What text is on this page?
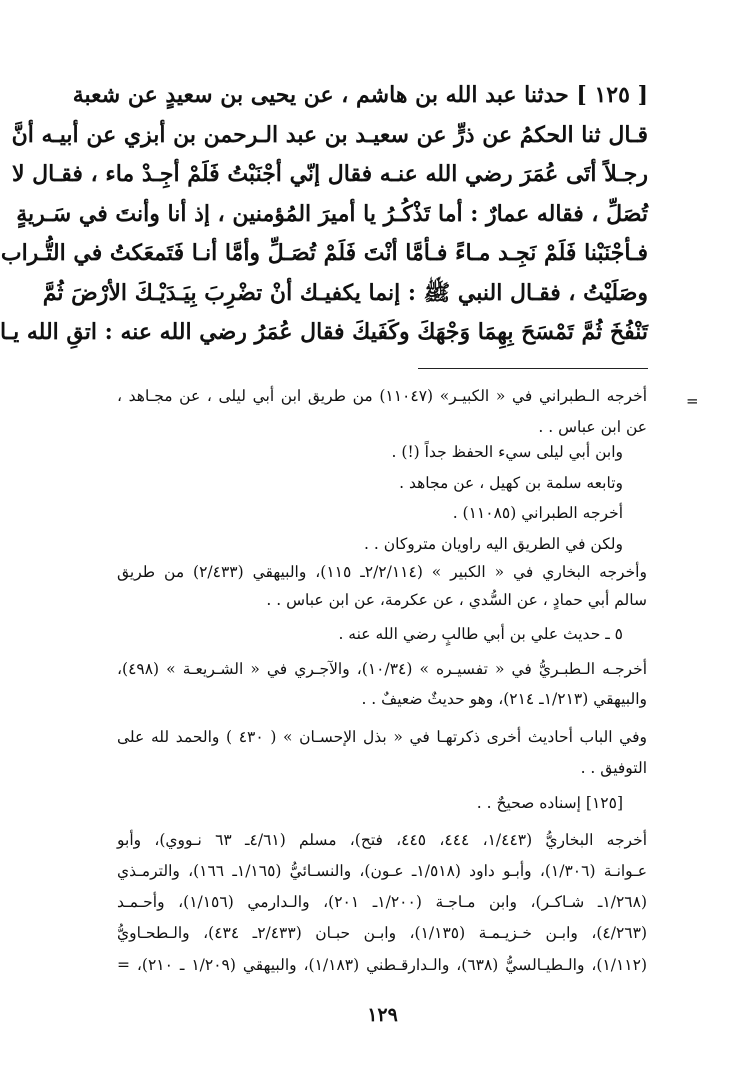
[ ١٢٥ ] حدثنا عبد الله بن هاشم ، عن يحيى بن سعيدٍ عن شعبة
قـال ثنا الحكمُ عن ذرٍّ عن سعيـد بن عبد الـرحمن بن أبزي عن أبيـه أنَّ
رجـلاً أتَى عُمَرَ رضي الله عنـه فقال إنّي أجْنَبْتُ فَلَمْ أجِـدْ ماء ، فقـال لا
تُصَلِّ ، فقاله عمارٌ : أما تَذْكُـرُ يا أميرَ المُؤمنين ، إذ أنا وأنتَ في سَـريةٍ
فـأجْنَبْنا فَلَمْ نَجِـد مـاءً فـأمَّا أنْتَ فَلَمْ تُصَـلِّ وأمَّا أنـا فَتَمعَكتُ في التُّـراب
وصَلَيْتُ ، فقـال النبي ﷺ : إنما يكفيـك أنْ تضْرِبَ بِيَـدَيْـكَ الأرْضَ ثُمَّ
تَنْفُخَ ثُمَّ تَمْسَحَ بِهِمَا وَجْهَكَ وكَفَيكَ فقال عُمَرُ رضي الله عنه : اتقِ الله يـا
=
أخرجه الـطبراني في « الكبيـر» (١١٠٤٧) من طريق ابن أبي ليلى ، عن مجـاهد ،
عن ابن عباس . .
وابن أبي ليلى سيء الحفظ جداً (!) .
وتابعه سلمة بن كهيل ، عن مجاهد .
أخرجه الطبراني (١١٠٨٥) .
ولكن في الطريق اليه راويان متروكان . .
وأخرجه البخاري في « الكبير » (٢/٢/١١٤ـ ١١٥)، والبيهقي (٢/٤٣٣) من طريق
سالم أبي حمادٍ ، عن السُّدي ، عن عكرمة، عن ابن عباس . .
٥ ـ حديث علي بن أبي طالبٍ رضي الله عنه .
أخرجـه الـطبـريُّ في « تفسيـره » (١٠/٣٤)، والآجـري في « الشـريعـة » (٤٩٨)،
والبيهقي (١/٢١٣ـ ٢١٤)، وهو حديثٌ ضعيفٌ . .
وفي الباب أحاديث أخرى ذكرتهـا في « بذل الإحسـان » ( ٤٣٠ ) والحمد لله على
التوفيق . .
[١٢٥] إسناده صحيحٌ . .
أخرجه البخاريُّ (١/٤٤٣، ٤٤٤، ٤٤٥، فتح)، مسلم (٤/٦١ـ ٦٣ نـووي)، وأبو
عـوانـة (١/٣٠٦)، وأبـو داود (١/٥١٨ـ عـون)، والنسـائيُّ (١/١٦٥ـ ١٦٦)، والترمـذي
(١/٢٦٨ـ شـاكـر)، وابن مـاجـة (١/٢٠٠ـ ٢٠١)، والـدارمي (١/١٥٦)، وأحـمـد
(٤/٢٦٣)، وابـن خـزيـمـة (١/١٣٥)، وابـن حبـان (٢/٤٣٣ـ ٤٣٤)، والـطحـاويُّ
(١/١١٢)، والـطيـالسيُّ (٦٣٨)، والـدارقـطني (١/١٨٣)، والبيهقي (١/٢٠٩ ـ ٢١٠)، =
١٢٩
